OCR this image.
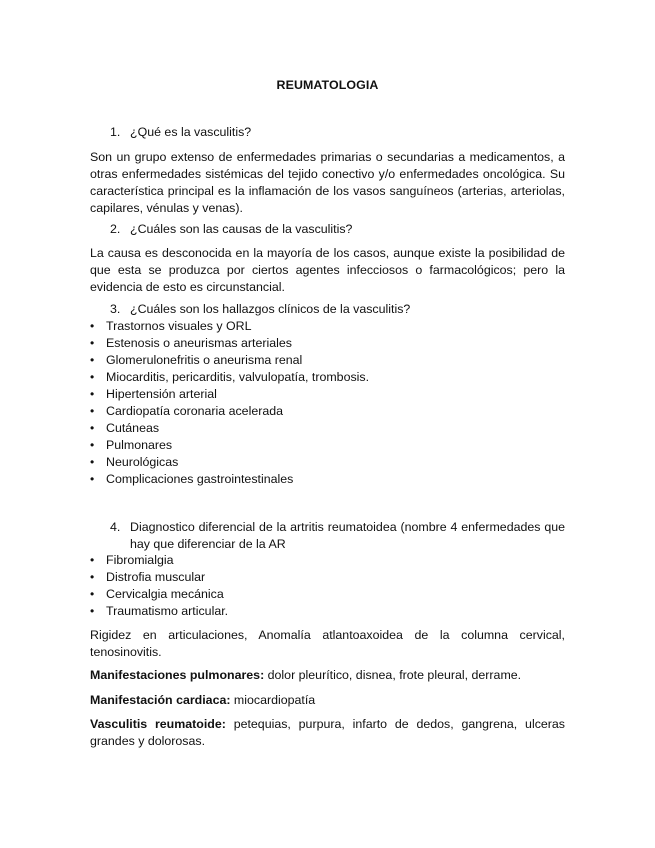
REUMATOLOGIA
1. ¿Qué es la vasculitis?
Son un grupo extenso de enfermedades primarias o secundarias a medicamentos, a otras enfermedades sistémicas del tejido conectivo y/o enfermedades oncológica. Su característica principal es la inflamación de los vasos sanguíneos (arterias, arteriolas, capilares, vénulas y venas).
2. ¿Cuáles son las causas de la vasculitis?
La causa es desconocida en la mayoría de los casos, aunque existe la posibilidad de que esta se produzca por ciertos agentes infecciosos o farmacológicos; pero la evidencia de esto es circunstancial.
3. ¿Cuáles son los hallazgos clínicos de la vasculitis?
• Trastornos visuales y ORL
• Estenosis o aneurismas arteriales
• Glomerulonefritis o aneurisma renal
• Miocarditis, pericarditis, valvulopatía, trombosis.
• Hipertensión arterial
• Cardiopatía coronaria acelerada
• Cutáneas
• Pulmonares
• Neurológicas
• Complicaciones gastrointestinales
4. Diagnostico diferencial de la artritis reumatoidea (nombre 4 enfermedades que hay que diferenciar de la AR
• Fibromialgia
• Distrofia muscular
• Cervicalgia mecánica
• Traumatismo articular.
Rigidez en articulaciones, Anomalía atlantoaxoidea de la columna cervical, tenosinovitis.
Manifestaciones pulmonares: dolor pleurítico, disnea, frote pleural, derrame.
Manifestación cardiaca: miocardiopatía
Vasculitis reumatoide: petequias, purpura, infarto de dedos, gangrena, ulceras grandes y dolorosas.
